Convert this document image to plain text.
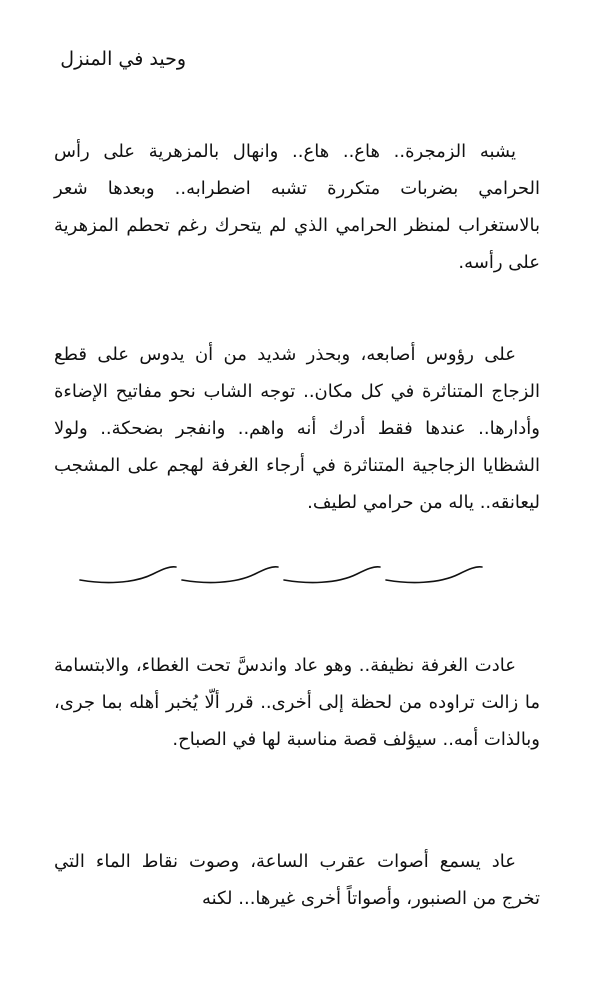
وحيد في المنزل

يشبه الزمجرة.. هاع.. هاع.. وانهال بالمزهرية على رأس الحرامي بضربات متكررة تشبه اضطرابه.. وبعدها شعر بالاستغراب لمنظر الحرامي الذي لم يتحرك رغم تحطم المزهرية على رأسه.

على رؤوس أصابعه، وبحذر شديد من أن يدوس على قطع الزجاج المتناثرة في كل مكان.. توجه الشاب نحو مفاتيح الإضاءة وأدارها.. عندها فقط أدرك أنه واهم.. وانفجر بضحكة.. ولولا الشظايا الزجاجية المتناثرة في أرجاء الغرفة لهجم على المشجب ليعانقه.. ياله من حرامي لطيف.

عادت الغرفة نظيفة.. وهو عاد واندسَّ تحت الغطاء، والابتسامة ما زالت تراوده من لحظة إلى أخرى.. قرر ألّا يُخبر أهله بما جرى، وبالذات أمه.. سيؤلف قصة مناسبة لها في الصباح.

عاد يسمع أصوات عقرب الساعة، وصوت نقاط الماء التي تخرج من الصنبور، وأصواتاً أخرى غيرها... لكنه
